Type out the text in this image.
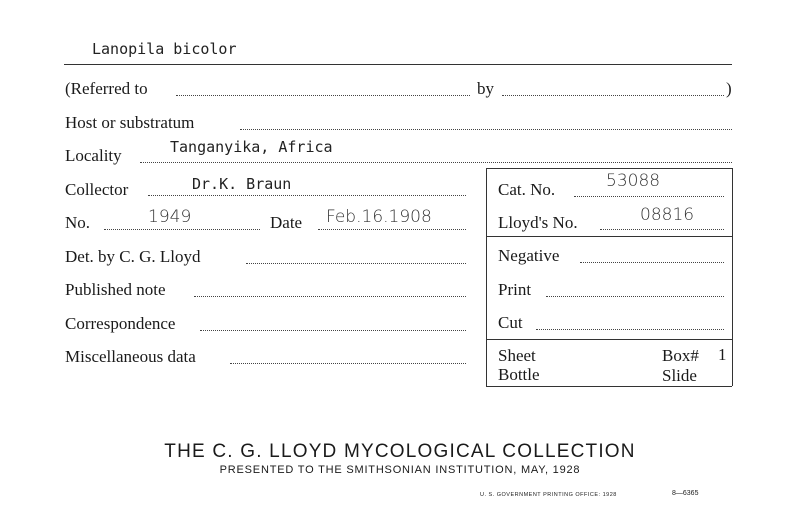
Lanopila bicolor
(Referred to	by	)
Host or substratum
Locality	Tanganyika, Africa
Collector	Dr.K. Braun
No.	1949	Date Feb.16.1908
Det. by C. G. Lloyd
Published note
Correspondence
Miscellaneous data
Cat. No.	53088
Lloyd's No.	08816
Negative
Print
Cut
Sheet
Bottle
Box# 1
Slide
THE C. G. LLOYD MYCOLOGICAL COLLECTION
PRESENTED TO THE SMITHSONIAN INSTITUTION, MAY, 1928
U. S. GOVERNMENT PRINTING OFFICE: 1928	8—6365
